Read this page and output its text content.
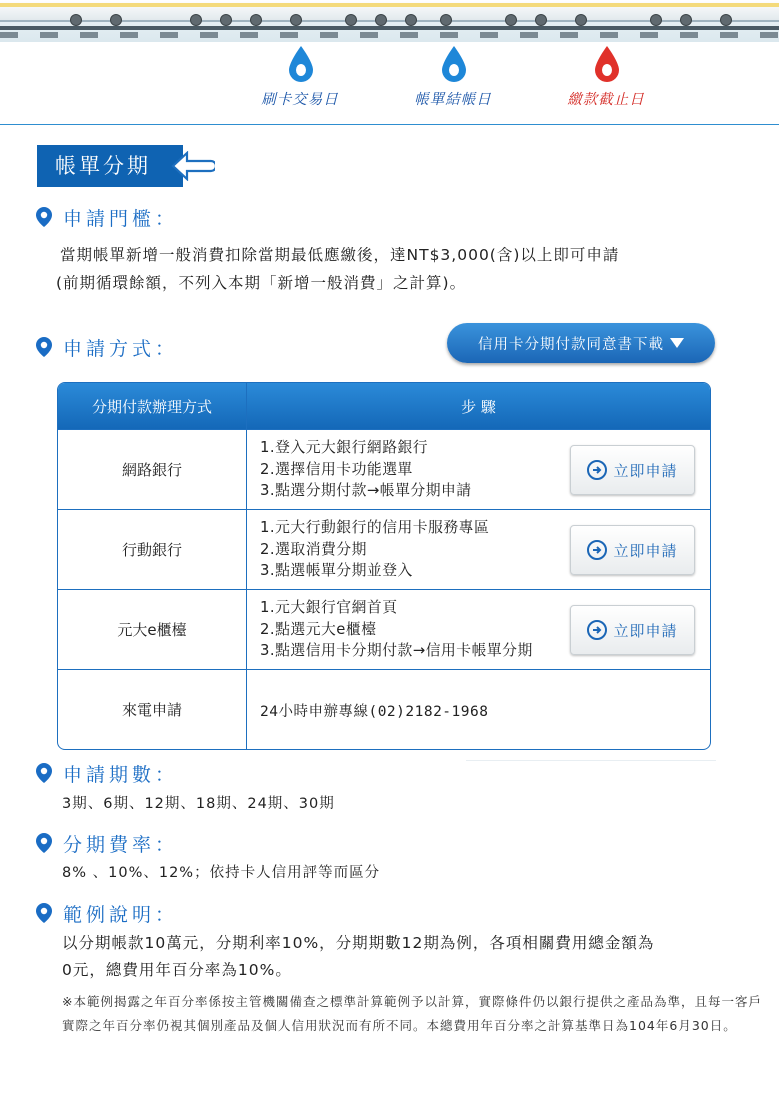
刷卡交易日	帳單結帳日	繳款截止日
帳單分期
申請門檻：
當期帳單新增一般消費扣除當期最低應繳後，達NT$3,000(含)以上即可申請
(前期循環餘額，不列入本期「新增一般消費」之計算)。
申請方式：	信用卡分期付款同意書下載
分期付款辦理方式	步 驟
網路銀行	1.登入元大銀行網路銀行
2.選擇信用卡功能選單
3.點選分期付款→帳單分期申請
立即申請

行動銀行	1.元大行動銀行的信用卡服務專區
2.選取消費分期
3.點選帳單分期並登入
立即申請

元大e櫃檯	1.元大銀行官網首頁
2.點選元大e櫃檯
3.點選信用卡分期付款→信用卡帳單分期
立即申請

來電申請	24小時申辦專線(02)2182-1968
申請期數：
3期、6期、12期、18期、24期、30期
分期費率：
8% 、10%、12%；依持卡人信用評等而區分
範例說明：
以分期帳款10萬元，分期利率10%，分期期數12期為例，各項相關費用總金額為
0元，總費用年百分率為10%。
※本範例揭露之年百分率係按主管機關備查之標準計算範例予以計算，實際條件仍以銀行提供之產品為準，且每一客戶實際之年百分率仍視其個別產品及個人信用狀況而有所不同。本總費用年百分率之計算基準日為104年6月30日。
